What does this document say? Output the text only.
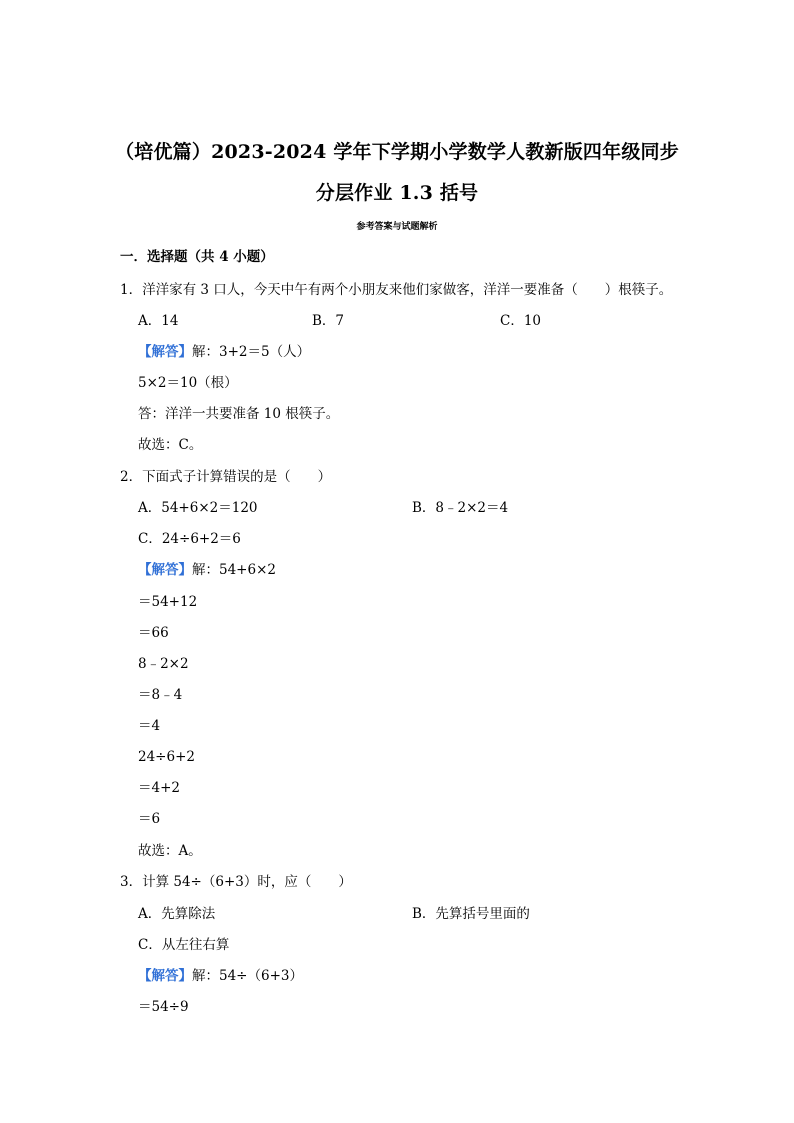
（培优篇）2023-2024 学年下学期小学数学人教新版四年级同步
分层作业 1.3 括号
参考答案与试题解析
一．选择题（共 4 小题）
1．洋洋家有 3 口人，今天中午有两个小朋友来他们家做客，洋洋一要准备（　　）根筷子。
A．14	B．7	C．10
【解答】解：3+2＝5（人）
5×2＝10（根）
答：洋洋一共要准备 10 根筷子。
故选：C。
2．下面式子计算错误的是（　　）
A．54+6×2＝120	B．8﹣2×2＝4
C．24÷6+2＝6
【解答】解：54+6×2
＝54+12
＝66
8﹣2×2
＝8﹣4
＝4
24÷6+2
＝4+2
＝6
故选：A。
3．计算 54÷（6+3）时，应（　　）
A．先算除法	B．先算括号里面的
C．从左往右算
【解答】解：54÷（6+3）
＝54÷9
